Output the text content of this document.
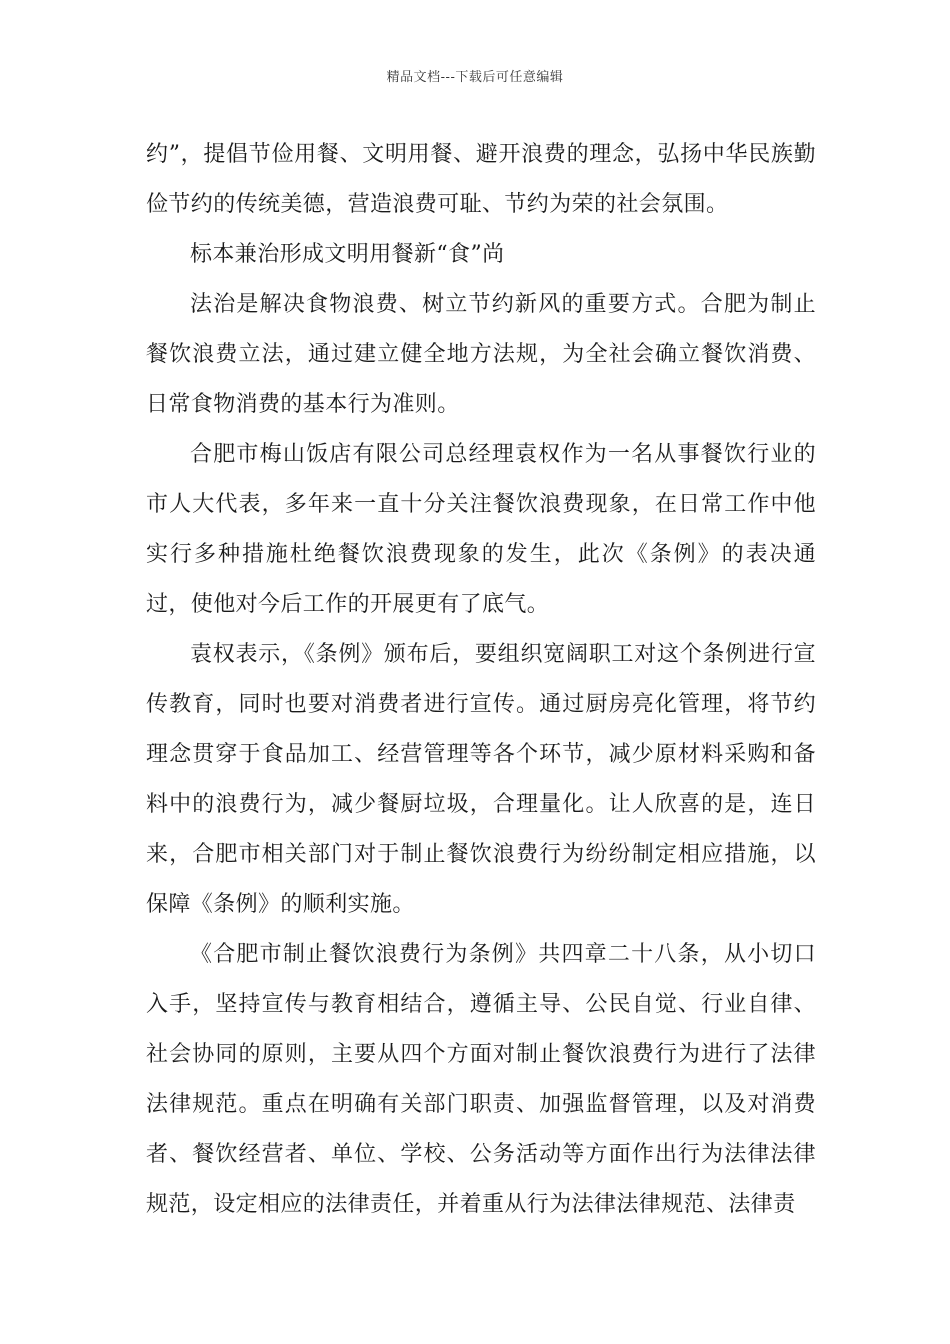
精品文档---下载后可任意编辑

约”，提倡节俭用餐、文明用餐、避开浪费的理念，弘扬中华民族勤俭节约的传统美德，营造浪费可耻、节约为荣的社会氛围。

标本兼治形成文明用餐新“食”尚

法治是解决食物浪费、树立节约新风的重要方式。合肥为制止餐饮浪费立法，通过建立健全地方法规，为全社会确立餐饮消费、日常食物消费的基本行为准则。

合肥市梅山饭店有限公司总经理袁权作为一名从事餐饮行业的市人大代表，多年来一直十分关注餐饮浪费现象，在日常工作中他实行多种措施杜绝餐饮浪费现象的发生，此次《条例》的表决通过，使他对今后工作的开展更有了底气。

袁权表示，《条例》颁布后，要组织宽阔职工对这个条例进行宣传教育，同时也要对消费者进行宣传。通过厨房亮化管理，将节约理念贯穿于食品加工、经营管理等各个环节，减少原材料采购和备料中的浪费行为，减少餐厨垃圾，合理量化。让人欣喜的是，连日来，合肥市相关部门对于制止餐饮浪费行为纷纷制定相应措施，以保障《条例》的顺利实施。

《合肥市制止餐饮浪费行为条例》共四章二十八条，从小切口入手，坚持宣传与教育相结合，遵循主导、公民自觉、行业自律、社会协同的原则，主要从四个方面对制止餐饮浪费行为进行了法律法律规范。重点在明确有关部门职责、加强监督管理，以及对消费者、餐饮经营者、单位、学校、公务活动等方面作出行为法律法律规范，设定相应的法律责任，并着重从行为法律法律规范、法律责
